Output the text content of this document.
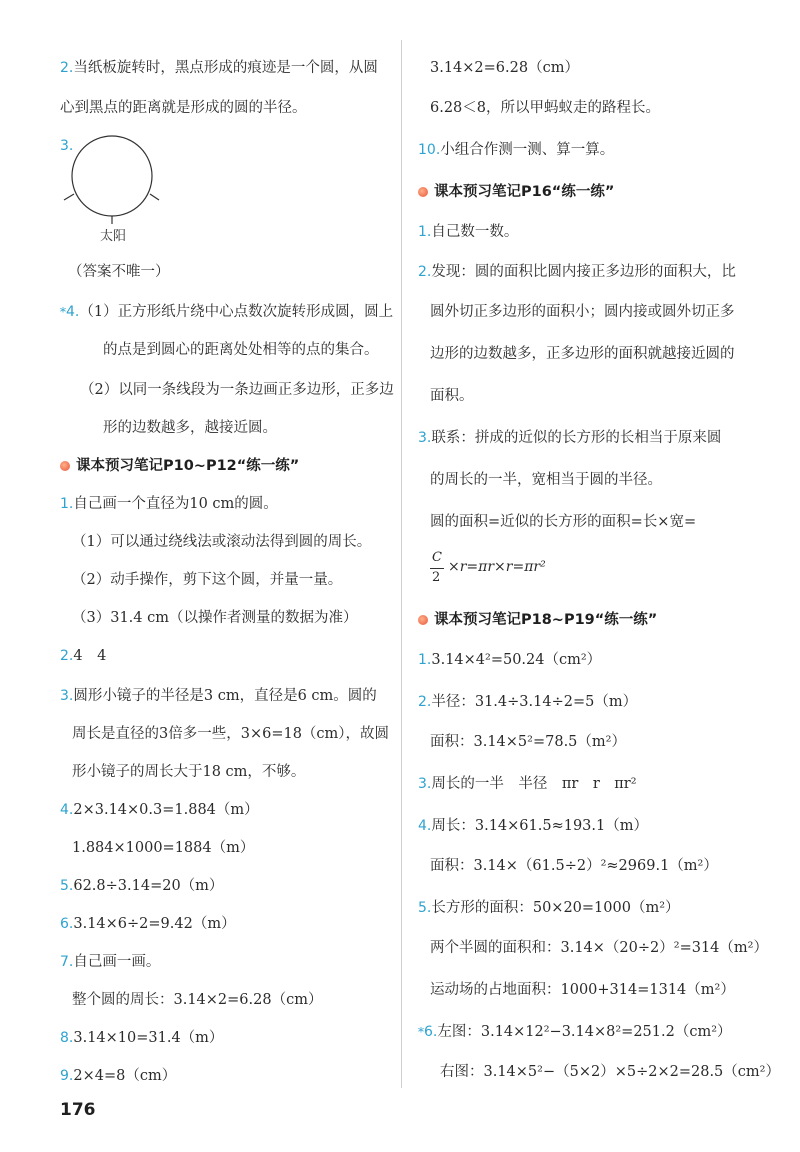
2.当纸板旋转时，黑点形成的痕迹是一个圆，从圆
心到黑点的距离就是形成的圆的半径。
3.
太阳
（答案不唯一）
*4.（1）正方形纸片绕中心点数次旋转形成圆，圆上
的点是到圆心的距离处处相等的点的集合。
（2）以同一条线段为一条边画正多边形，正多边
形的边数越多，越接近圆。
课本预习笔记P10~P12“练一练”
1.自己画一个直径为10 cm的圆。
（1）可以通过绕线法或滚动法得到圆的周长。
（2）动手操作，剪下这个圆，并量一量。
（3）31.4 cm（以操作者测量的数据为准）
2.4　4
3.圆形小镜子的半径是3 cm，直径是6 cm。圆的
周长是直径的3倍多一些，3×6=18（cm），故圆
形小镜子的周长大于18 cm，不够。
4.2×3.14×0.3=1.884（m）
1.884×1000=1884（m）
5.62.8÷3.14=20（m）
6.3.14×6÷2=9.42（m）
7.自己画一画。
整个圆的周长：3.14×2=6.28（cm）
8.3.14×10=31.4（m）
9.2×4=8（cm）
3.14×2=6.28（cm）
6.28＜8，所以甲蚂蚁走的路程长。
10.小组合作测一测、算一算。
课本预习笔记P16“练一练”
1.自己数一数。
2.发现：圆的面积比圆内接正多边形的面积大，比
圆外切正多边形的面积小；圆内接或圆外切正多
边形的边数越多，正多边形的面积就越接近圆的
面积。
3.联系：拼成的近似的长方形的长相当于原来圆
的周长的一半，宽相当于圆的半径。
圆的面积=近似的长方形的面积=长×宽=
C
2
×r=πr×r=πr²
课本预习笔记P18~P19“练一练”
1.3.14×4²=50.24（cm²）
2.半径：31.4÷3.14÷2=5（m）
面积：3.14×5²=78.5（m²）
3.周长的一半　半径　πr　r　πr²
4.周长：3.14×61.5≈193.1（m）
面积：3.14×（61.5÷2）²≈2969.1（m²）
5.长方形的面积：50×20=1000（m²）
两个半圆的面积和：3.14×（20÷2）²=314（m²）
运动场的占地面积：1000+314=1314（m²）
*6.左图：3.14×12²−3.14×8²=251.2（cm²）
右图：3.14×5²−（5×2）×5÷2×2=28.5（cm²）
176
